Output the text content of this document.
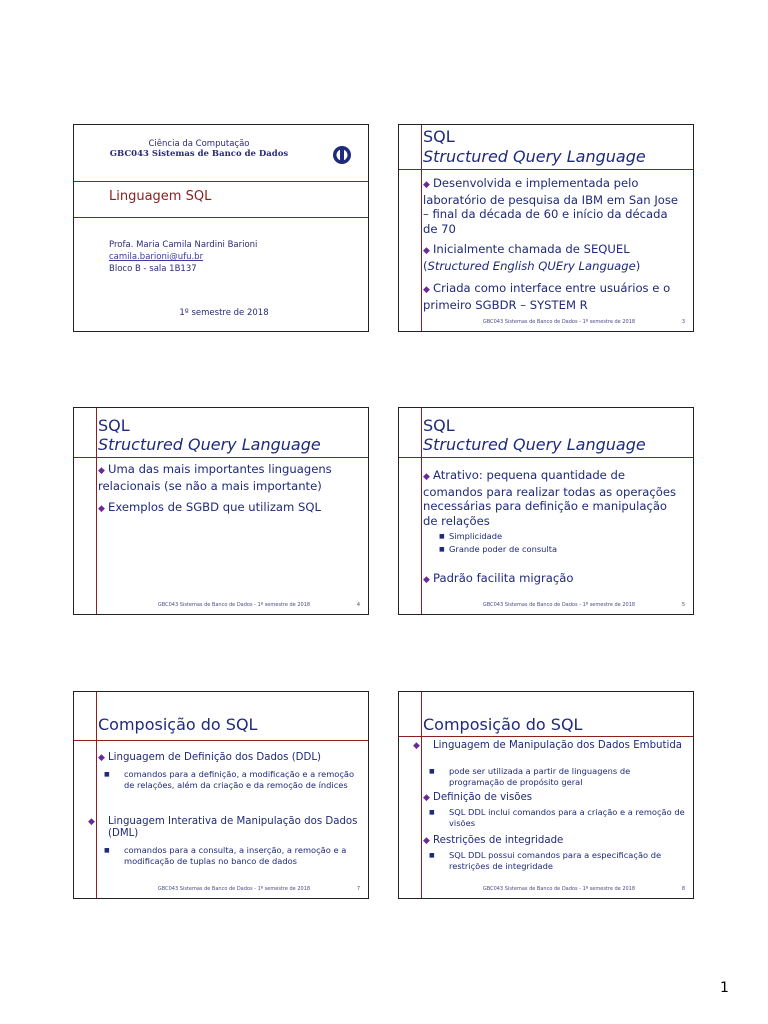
Ciência da Computação
GBC043 Sistemas de Banco de Dados
Linguagem SQL
Profa. Maria Camila Nardini Barioni
camila.barioni@ufu.br
Bloco B - sala 1B137
1º semestre de 2018
SQL
Structured Query Language
◆ Desenvolvida e implementada pelo laboratório de pesquisa da IBM em San Jose – final da década de 60 e início da década de 70
◆ Inicialmente chamada de SEQUEL (Structured English QUEry Language)
◆ Criada como interface entre usuários e o primeiro SGBDR – SYSTEM R
GBC043 Sistemas de Banco de Dados - 1º semestre de 2018	3
SQL
Structured Query Language
◆ Uma das mais importantes linguagens relacionais (se não a mais importante)
◆ Exemplos de SGBD que utilizam SQL
GBC043 Sistemas de Banco de Dados - 1º semestre de 2018	4
SQL
Structured Query Language
◆ Atrativo: pequena quantidade de comandos para realizar todas as operações necessárias para definição e manipulação de relações
■ Simplicidade
■ Grande poder de consulta
◆ Padrão facilita migração
GBC043 Sistemas de Banco de Dados - 1º semestre de 2018	5
Composição do SQL
◆ Linguagem de Definição dos Dados (DDL)
■ comandos para a definição, a modificação e a remoção de relações, além da criação e da remoção de índices
◆ Linguagem Interativa de Manipulação dos Dados (DML)
■ comandos para a consulta, a inserção, a remoção e a modificação de tuplas no banco de dados
GBC043 Sistemas de Banco de Dados - 1º semestre de 2018	7
Composição do SQL
◆ Linguagem de Manipulação dos Dados Embutida
■ pode ser utilizada a partir de linguagens de programação de propósito geral
◆ Definição de visões
■ SQL DDL inclui comandos para a criação e a remoção de visões
◆ Restrições de integridade
■ SQL DDL possui comandos para a especificação de restrições de integridade
GBC043 Sistemas de Banco de Dados - 1º semestre de 2018	8
1
